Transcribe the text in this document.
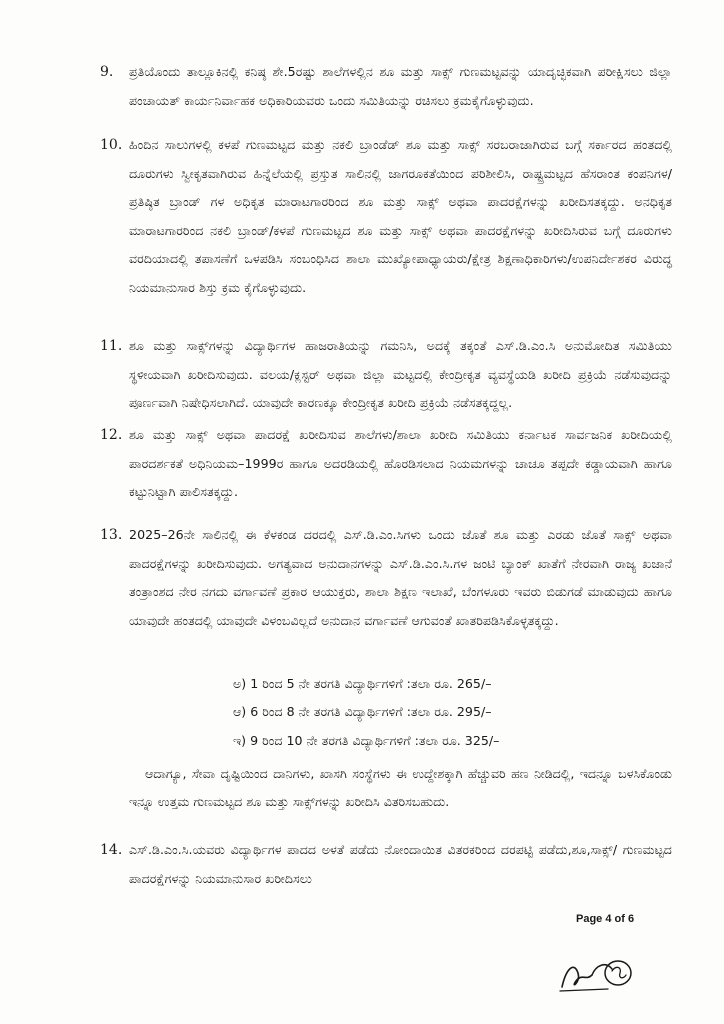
9.	ಪ್ರತಿಯೊಂದು ತಾಲ್ಲೂಕಿನಲ್ಲಿ ಕನಿಷ್ಠ ಶೇ.5ರಷ್ಟು ಶಾಲೆಗಳಲ್ಲಿನ ಶೂ ಮತ್ತು ಸಾಕ್ಸ್ ಗುಣಮಟ್ಟವನ್ನು ಯಾದೃಚ್ಛಿಕವಾಗಿ ಪರೀಕ್ಷಿಸಲು ಜಿಲ್ಲಾ ಪಂಚಾಯತ್ ಕಾರ್ಯನಿರ್ವಾಹಕ ಅಧಿಕಾರಿಯವರು ಒಂದು ಸಮಿತಿಯನ್ನು ರಚಿಸಲು ಕ್ರಮಕೈಗೊಳ್ಳುವುದು.
10. ಹಿಂದಿನ ಸಾಲುಗಳಲ್ಲಿ ಕಳಪೆ ಗುಣಮಟ್ಟದ ಮತ್ತು ನಕಲಿ ಬ್ರಾಂಡೆಡ್ ಶೂ ಮತ್ತು ಸಾಕ್ಸ್ ಸರಬರಾಜಾಗಿರುವ ಬಗ್ಗೆ ಸರ್ಕಾರದ ಹಂತದಲ್ಲಿ ದೂರುಗಳು ಸ್ವೀಕೃತವಾಗಿರುವ ಹಿನ್ನೆಲೆಯಲ್ಲಿ ಪ್ರಸ್ತುತ ಸಾಲಿನಲ್ಲಿ ಜಾಗರೂಕತೆಯಿಂದ ಪರಿಶೀಲಿಸಿ, ರಾಷ್ಟ್ರಮಟ್ಟದ ಹೆಸರಾಂತ ಕಂಪನಿಗಳ/ ಪ್ರತಿಷ್ಠಿತ ಬ್ರಾಂಡ್ ಗಳ ಅಧಿಕೃತ ಮಾರಾಟಗಾರರಿಂದ ಶೂ ಮತ್ತು ಸಾಕ್ಸ್ ಅಥವಾ ಪಾದರಕ್ಷೆಗಳನ್ನು ಖರೀದಿಸತಕ್ಕದ್ದು. ಅನಧಿಕೃತ ಮಾರಾಟಗಾರರಿಂದ ನಕಲಿ ಬ್ರಾಂಡ್/ಕಳಪೆ ಗುಣಮಟ್ಟದ ಶೂ ಮತ್ತು ಸಾಕ್ಸ್ ಅಥವಾ ಪಾದರಕ್ಷೆಗಳನ್ನು ಖರೀದಿಸಿರುವ ಬಗ್ಗೆ ದೂರುಗಳು ವರದಿಯಾದಲ್ಲಿ ತಪಾಸಣೆಗೆ ಒಳಪಡಿಸಿ ಸಂಬಂಧಿಸಿದ ಶಾಲಾ ಮುಖ್ಯೋಪಾಧ್ಯಾಯರು/ಕ್ಷೇತ್ರ ಶಿಕ್ಷಣಾಧಿಕಾರಿಗಳು/ಉಪನಿರ್ದೇಶಕರ ವಿರುದ್ಧ ನಿಯಮಾನುಸಾರ ಶಿಸ್ತು ಕ್ರಮ ಕೈಗೊಳ್ಳುವುದು.
11. ಶೂ ಮತ್ತು ಸಾಕ್ಸ್‌ಗಳನ್ನು ವಿದ್ಯಾರ್ಥಿಗಳ ಹಾಜರಾತಿಯನ್ನು ಗಮನಿಸಿ, ಅದಕ್ಕೆ ತಕ್ಕಂತೆ ಎಸ್.ಡಿ.ಎಂ.ಸಿ ಅನುಮೋದಿತ ಸಮಿತಿಯು ಸ್ಥಳೀಯವಾಗಿ ಖರೀದಿಸುವುದು. ವಲಯ/ಕ್ಲಸ್ಟರ್ ಅಥವಾ ಜಿಲ್ಲಾ ಮಟ್ಟದಲ್ಲಿ ಕೇಂದ್ರೀಕೃತ ವ್ಯವಸ್ಥೆಯಡಿ ಖರೀದಿ ಪ್ರಕ್ರಿಯೆ ನಡೆಸುವುದನ್ನು ಪೂರ್ಣವಾಗಿ ನಿಷೇಧಿಸಲಾಗಿದೆ. ಯಾವುದೇ ಕಾರಣಕ್ಕೂ ಕೇಂದ್ರೀಕೃತ ಖರೀದಿ ಪ್ರಕ್ರಿಯೆ ನಡೆಸತಕ್ಕದ್ದಲ್ಲ.
12. ಶೂ ಮತ್ತು ಸಾಕ್ಸ್ ಅಥವಾ ಪಾದರಕ್ಷೆ ಖರೀದಿಸುವ ಶಾಲೆಗಳು/ಶಾಲಾ ಖರೀದಿ ಸಮಿತಿಯು ಕರ್ನಾಟಕ ಸಾರ್ವಜನಿಕ ಖರೀದಿಯಲ್ಲಿ ಪಾರದರ್ಶಕತೆ ಅಧಿನಿಯಮ–1999ರ ಹಾಗೂ ಅದರಡಿಯಲ್ಲಿ ಹೊರಡಿಸಲಾದ ನಿಯಮಗಳನ್ನು ಚಾಚೂ ತಪ್ಪದೇ ಕಡ್ಡಾಯವಾಗಿ ಹಾಗೂ ಕಟ್ಟುನಿಟ್ಟಾಗಿ ಪಾಲಿಸತಕ್ಕದ್ದು.
13. 2025–26ನೇ ಸಾಲಿನಲ್ಲಿ ಈ ಕೆಳಕಂಡ ದರದಲ್ಲಿ ಎಸ್.ಡಿ.ಎಂ.ಸಿಗಳು ಒಂದು ಜೊತೆ ಶೂ ಮತ್ತು ಎರಡು ಜೊತೆ ಸಾಕ್ಸ್ ಅಥವಾ ಪಾದರಕ್ಷೆಗಳನ್ನು ಖರೀದಿಸುವುದು. ಅಗತ್ಯವಾದ ಅನುದಾನಗಳನ್ನು ಎಸ್.ಡಿ.ಎಂ.ಸಿ.ಗಳ ಜಂಟಿ ಬ್ಯಾಂಕ್ ಖಾತೆಗೆ ನೇರವಾಗಿ ರಾಜ್ಯ ಖಜಾನೆ ತಂತ್ರಾಂಶದ ನೇರ ನಗದು ವರ್ಗಾವಣೆ ಪ್ರಕಾರ ಆಯುಕ್ತರು, ಶಾಲಾ ಶಿಕ್ಷಣ ಇಲಾಖೆ, ಬೆಂಗಳೂರು ಇವರು ಬಿಡುಗಡೆ ಮಾಡುವುದು ಹಾಗೂ ಯಾವುದೇ ಹಂತದಲ್ಲಿ ಯಾವುದೇ ವಿಳಂಬವಿಲ್ಲದೆ ಅನುದಾನ ವರ್ಗಾವಣೆ ಆಗುವಂತೆ ಖಾತರಿಪಡಿಸಿಕೊಳ್ಳತಕ್ಕದ್ದು.
ಅ) 1 ರಿಂದ 5 ನೇ ತರಗತಿ ವಿದ್ಯಾರ್ಥಿಗಳಿಗೆ :ತಲಾ ರೂ. 265/–
ಆ) 6 ರಿಂದ 8 ನೇ ತರಗತಿ ವಿದ್ಯಾರ್ಥಿಗಳಿಗೆ :ತಲಾ ರೂ. 295/–
ಇ) 9 ರಿಂದ 10 ನೇ ತರಗತಿ ವಿದ್ಯಾರ್ಥಿಗಳಿಗೆ :ತಲಾ ರೂ. 325/–
ಆದಾಗ್ಯೂ, ಸೇವಾ ದೃಷ್ಟಿಯಿಂದ ದಾನಿಗಳು, ಖಾಸಗಿ ಸಂಸ್ಥೆಗಳು ಈ ಉದ್ದೇಶಕ್ಕಾಗಿ ಹೆಚ್ಚುವರಿ ಹಣ ನೀಡಿದಲ್ಲಿ, ಇದನ್ನೂ ಬಳಸಿಕೊಂಡು ಇನ್ನೂ ಉತ್ತಮ ಗುಣಮಟ್ಟದ ಶೂ ಮತ್ತು ಸಾಕ್ಸ್‌ಗಳನ್ನು ಖರೀದಿಸಿ ವಿತರಿಸಬಹುದು.
14. ಎಸ್.ಡಿ.ಎಂ.ಸಿ.ಯವರು ವಿದ್ಯಾರ್ಥಿಗಳ ಪಾದದ ಅಳತೆ ಪಡೆದು ನೋಂದಾಯಿತ ವಿತರಕರಿಂದ ದರಪಟ್ಟಿ ಪಡೆದು,ಶೂ,ಸಾಕ್ಸ್/ ಗುಣಮಟ್ಟದ ಪಾದರಕ್ಷೆಗಳನ್ನು ನಿಯಮಾನುಸಾರ ಖರೀದಿಸಲು
Page 4 of 6
